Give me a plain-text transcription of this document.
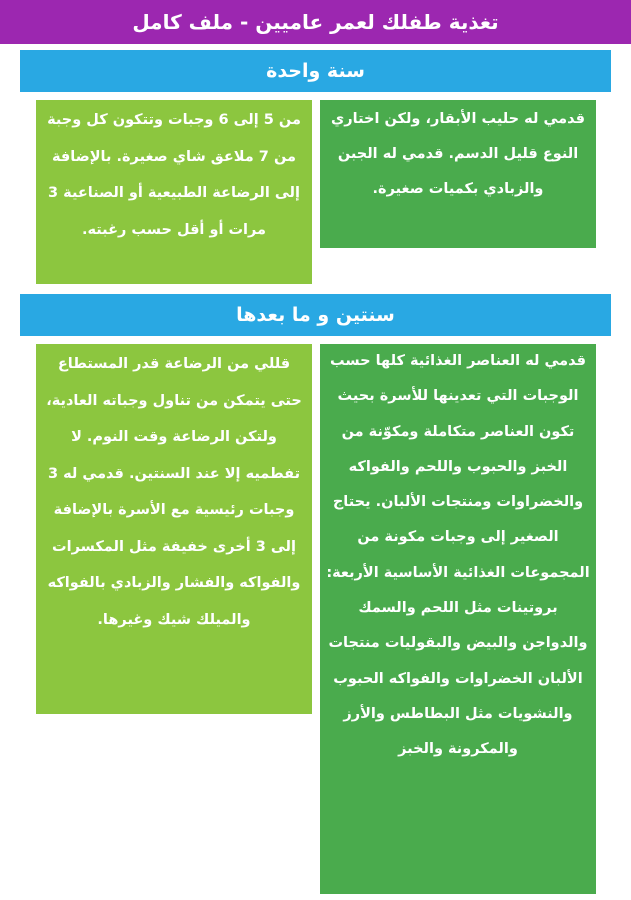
تغذية طفلك لعمر عاميين - ملف كامل
سنة واحدة

قدمي له حليب الأبقار، ولكن اختاري النوع قليل الدسم. قدمي له الجبن والزبادي بكميات صغيرة.

من 5 إلى 6 وجبات وتتكون كل وجبة من 7 ملاعق شاي صغيرة. بالإضافة إلى الرضاعة الطبيعية أو الصناعية 3 مرات أو أقل حسب رغبته.

سنتين و ما بعدها

قدمي له العناصر الغذائية كلها حسب الوجبات التي تعدينها للأسرة بحيث تكون العناصر متكاملة ومكوّنة من الخبز والحبوب واللحم والفواكه والخضراوات ومنتجات الألبان. يحتاج الصغير إلى وجبات مكونة من المجموعات الغذائية الأساسية الأربعة: بروتينات مثل اللحم والسمك والدواجن والبيض والبقوليات منتجات الألبان الخضراوات والفواكه الحبوب والنشويات مثل البطاطس والأرز والمكرونة والخبز

قللي من الرضاعة قدر المستطاع حتى يتمكن من تناول وجباته العادية، ولتكن الرضاعة وقت النوم. لا تفطميه إلا عند السنتين. قدمي له 3 وجبات رئيسية مع الأسرة بالإضافة إلى 3 أخرى خفيفة مثل المكسرات والفواكه والفشار والزبادي بالفواكه والميلك شيك وغيرها.
